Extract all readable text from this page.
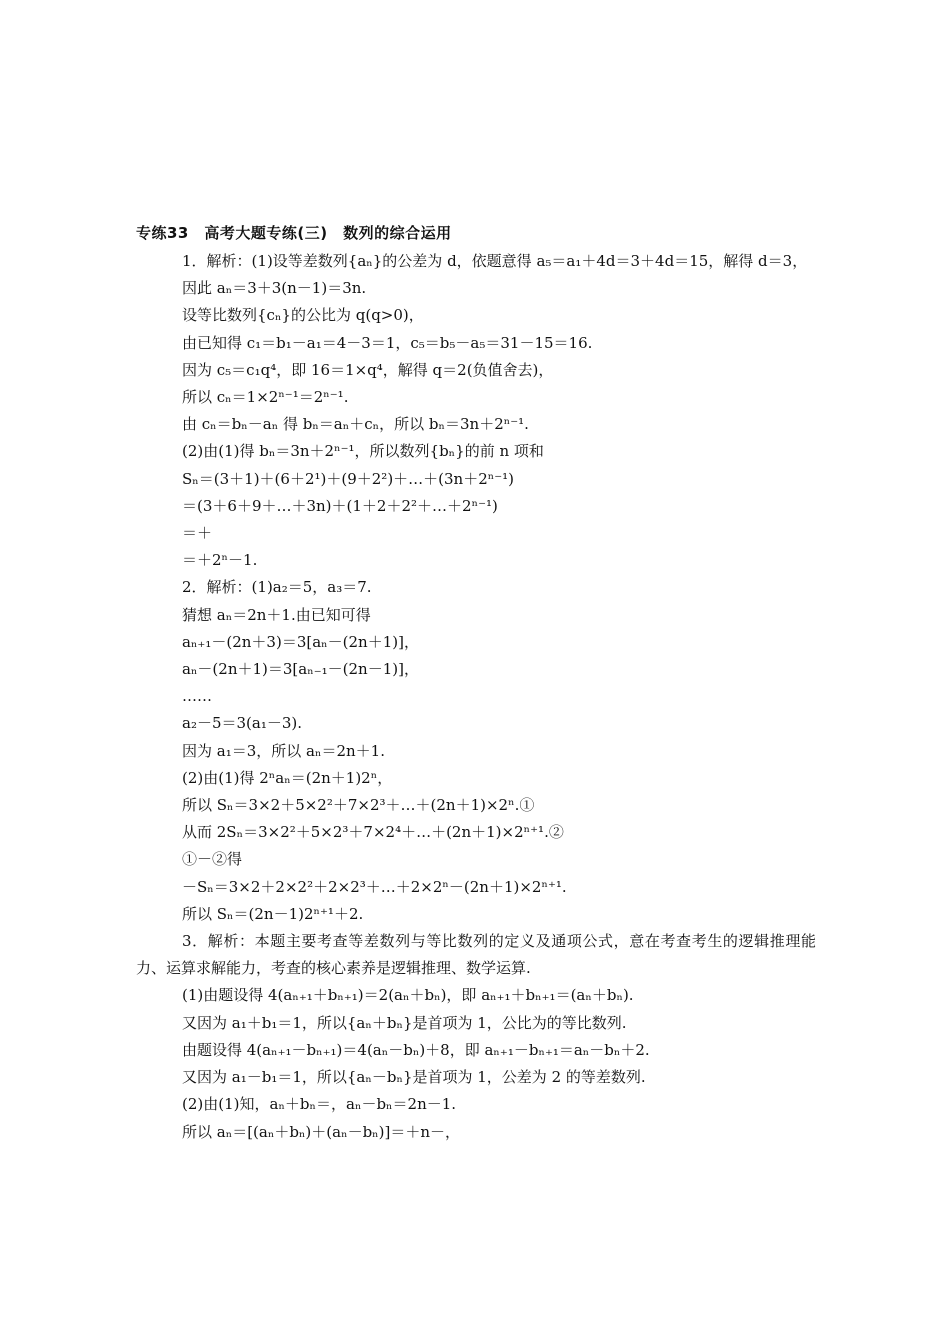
专练33　高考大题专练(三)　数列的综合运用
1．解析：(1)设等差数列{aₙ}的公差为 d，依题意得 a₅＝a₁＋4d＝3＋4d＝15，解得 d＝3，
因此 aₙ＝3＋3(n－1)＝3n.
设等比数列{cₙ}的公比为 q(q>0)，
由已知得 c₁＝b₁－a₁＝4－3＝1，c₅＝b₅－a₅＝31－15＝16.
因为 c₅＝c₁q⁴，即 16＝1×q⁴，解得 q＝2(负值舍去)，
所以 cₙ＝1×2ⁿ⁻¹＝2ⁿ⁻¹.
由 cₙ＝bₙ－aₙ 得 bₙ＝aₙ＋cₙ，所以 bₙ＝3n＋2ⁿ⁻¹.
(2)由(1)得 bₙ＝3n＋2ⁿ⁻¹，所以数列{bₙ}的前 n 项和
Sₙ＝(3＋1)＋(6＋2¹)＋(9＋2²)＋…＋(3n＋2ⁿ⁻¹)
＝(3＋6＋9＋…＋3n)＋(1＋2＋2²＋…＋2ⁿ⁻¹)
＝＋
＝＋2ⁿ－1.
2．解析：(1)a₂＝5，a₃＝7.
猜想 aₙ＝2n＋1.由已知可得
aₙ₊₁－(2n＋3)＝3[aₙ－(2n＋1)]，
aₙ－(2n＋1)＝3[aₙ₋₁－(2n－1)]，
……
a₂－5＝3(a₁－3).
因为 a₁＝3，所以 aₙ＝2n＋1.
(2)由(1)得 2ⁿaₙ＝(2n＋1)2ⁿ，
所以 Sₙ＝3×2＋5×2²＋7×2³＋…＋(2n＋1)×2ⁿ.①
从而 2Sₙ＝3×2²＋5×2³＋7×2⁴＋…＋(2n＋1)×2ⁿ⁺¹.②
①－②得
－Sₙ＝3×2＋2×2²＋2×2³＋…＋2×2ⁿ－(2n＋1)×2ⁿ⁺¹.
所以 Sₙ＝(2n－1)2ⁿ⁺¹＋2.
3．解析：本题主要考查等差数列与等比数列的定义及通项公式，意在考查考生的逻辑推理能力、运算求解能力，考查的核心素养是逻辑推理、数学运算.
(1)由题设得 4(aₙ₊₁＋bₙ₊₁)＝2(aₙ＋bₙ)，即 aₙ₊₁＋bₙ₊₁＝(aₙ＋bₙ).
又因为 a₁＋b₁＝1，所以{aₙ＋bₙ}是首项为 1，公比为的等比数列.
由题设得 4(aₙ₊₁－bₙ₊₁)＝4(aₙ－bₙ)＋8，即 aₙ₊₁－bₙ₊₁＝aₙ－bₙ＋2.
又因为 a₁－b₁＝1，所以{aₙ－bₙ}是首项为 1，公差为 2 的等差数列.
(2)由(1)知，aₙ＋bₙ＝，aₙ－bₙ＝2n－1.
所以 aₙ＝[(aₙ＋bₙ)＋(aₙ－bₙ)]＝＋n－，
